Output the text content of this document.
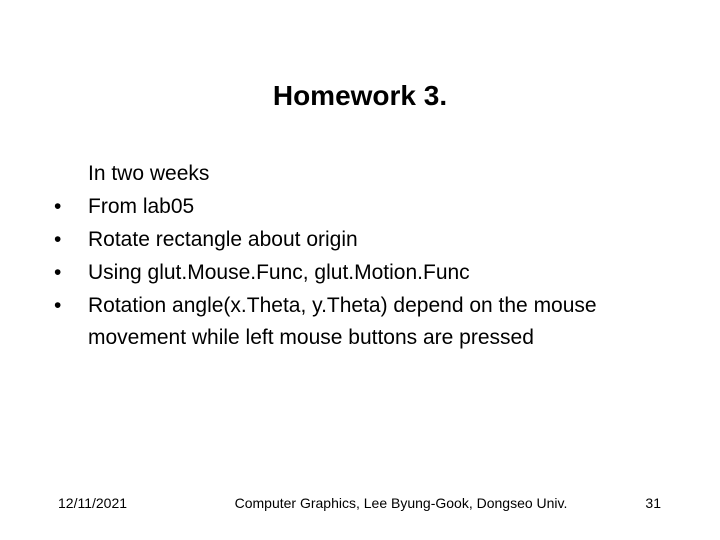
Homework 3.
In two weeks
•	From lab05
•	Rotate rectangle about origin
•	Using glut.Mouse.Func, glut.Motion.Func
•	Rotation angle(x.Theta, y.Theta) depend on the mouse movement while left mouse buttons are pressed
12/11/2021	Computer Graphics, Lee Byung-Gook, Dongseo Univ.	31
